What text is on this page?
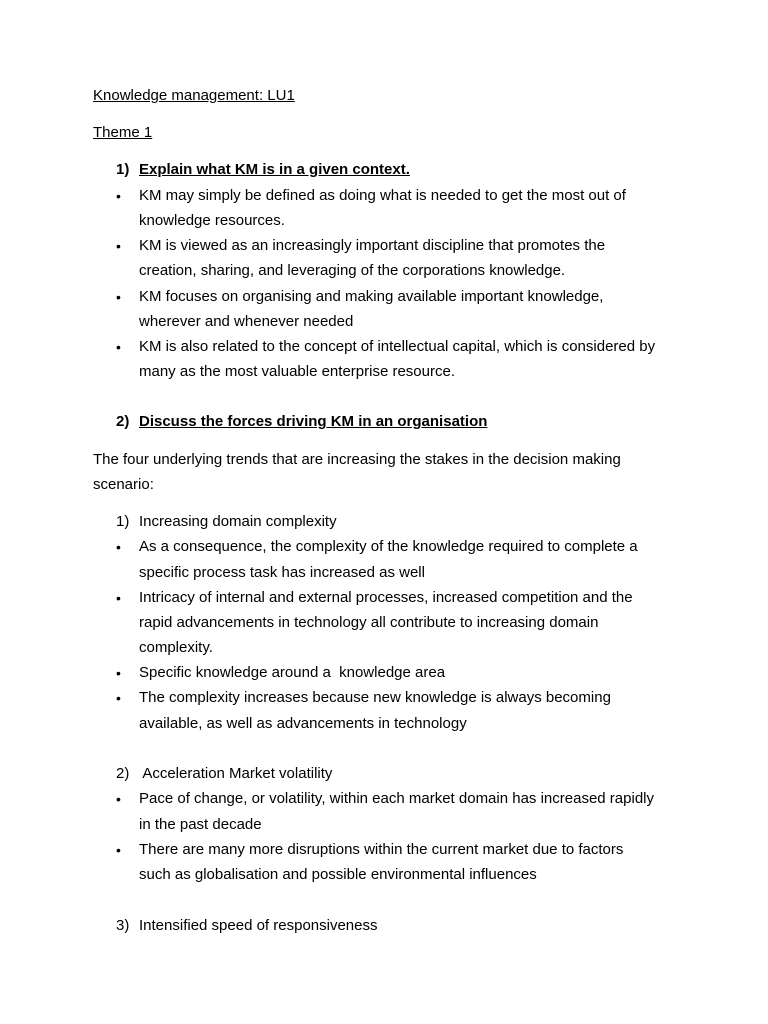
Knowledge management: LU1
Theme 1
1) Explain what KM is in a given context.
• KM may simply be defined as doing what is needed to get the most out of
knowledge resources.
• KM is viewed as an increasingly important discipline that promotes the
creation, sharing, and leveraging of the corporations knowledge.
• KM focuses on organising and making available important knowledge,
wherever and whenever needed
• KM is also related to the concept of intellectual capital, which is considered by
many as the most valuable enterprise resource.
2) Discuss the forces driving KM in an organisation
The four underlying trends that are increasing the stakes in the decision making
scenario:
1) Increasing domain complexity
• As a consequence, the complexity of the knowledge required to complete a
specific process task has increased as well
• Intricacy of internal and external processes, increased competition and the
rapid advancements in technology all contribute to increasing domain
complexity.
• Specific knowledge around a  knowledge area
• The complexity increases because new knowledge is always becoming
available, as well as advancements in technology
2) Acceleration Market volatility
• Pace of change, or volatility, within each market domain has increased rapidly
in the past decade
• There are many more disruptions within the current market due to factors
such as globalisation and possible environmental influences
3) Intensified speed of responsiveness
